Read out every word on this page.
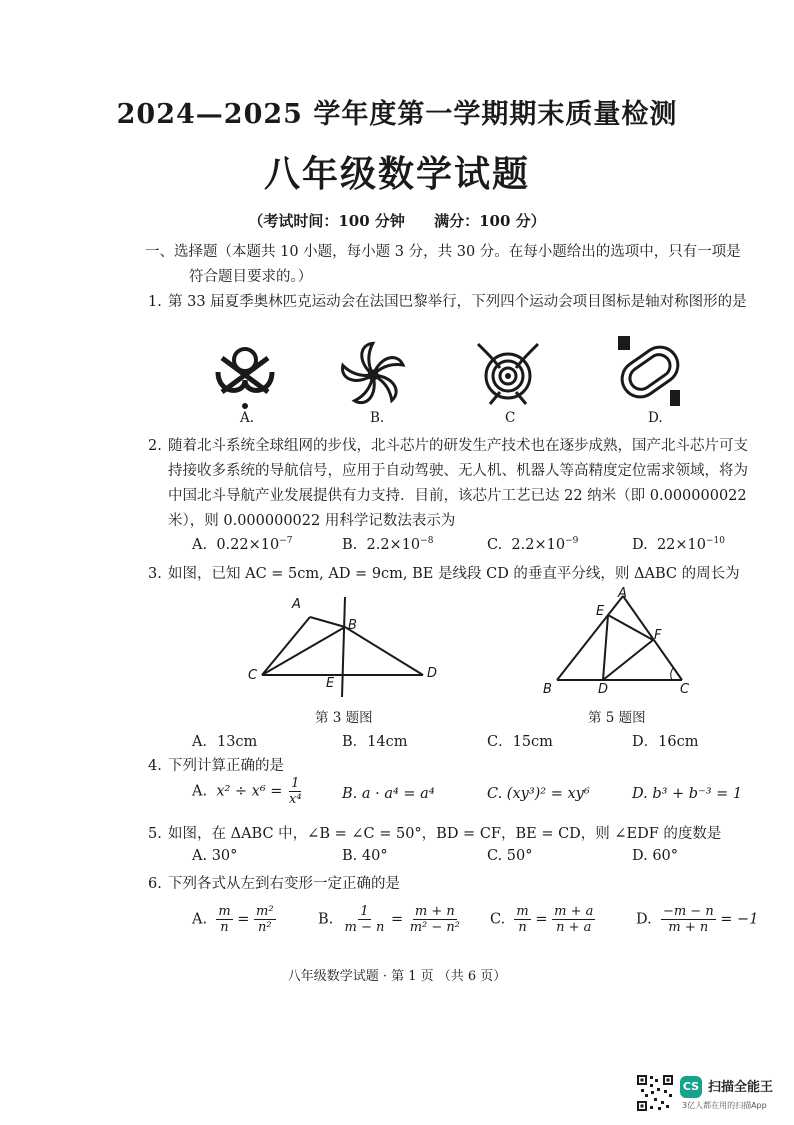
2024—2025 学年度第一学期期末质量检测
八年级数学试题
（考试时间：100 分钟 满分：100 分）
一、选择题（本题共 10 小题，每小题 3 分，共 30 分。在每小题给出的选项中，只有一项是
符合题目要求的。）
1. 第 33 届夏季奥林匹克运动会在法国巴黎举行，下列四个运动会项目图标是轴对称图形的是
A.	B.	C	D.
2. 随着北斗系统全球组网的步伐，北斗芯片的研发生产技术也在逐步成熟，国产北斗芯片可支持接收多系统的导航信号，应用于自动驾驶、无人机、机器人等高精度定位需求领域，将为中国北斗导航产业发展提供有力支持．目前，该芯片工艺已达 22 纳米（即 0.000000022 米），则 0.000000022 用科学记数法表示为
A. $0.22\times 10^{-7}$	B. $2.2\times 10^{-8}$	C. $2.2\times 10^{-9}$	D. $22\times 10^{-10}$
3. 如图，已知 AC = 5cm, AD = 9cm, BE 是线段 CD 的垂直平分线，则 ΔABC 的周长为
A
B
C	D
E
第 3 题图
A
E
F
B	D	C
第 5 题图
A．13cm	B．14cm	C．15cm	D．16cm
4. 下列计算正确的是
A. $x^2 \div x^6 = \frac{1}{\text{x⁴}}$	B. a · a⁴ = a⁴	C. (xy³)² = xy⁶	D. b³ + b⁻³ = 1
5. 如图，在 ΔABC 中，∠B = ∠C = 50°，BD = CF，BE = CD，则 ∠EDF 的度数是
A. 30°	B. 40°	C. 50°	D. 60°
6. 下列各式从左到右变形一定正确的是
A. $\frac{m}{n} = \frac{\text{m²}}{\text{n²}}$	B. $\frac{1}{m - n} = \frac{m + n}{\text{m² − n²}} C$. $\frac{m}{n} = \frac{m + a}{n + a}$	D. $\frac{-m - n}{m + n} = -1$
八年级数学试题 · 第 1 页 （共 6 页）
CS 扫描全能王
3亿人都在用的扫描App
